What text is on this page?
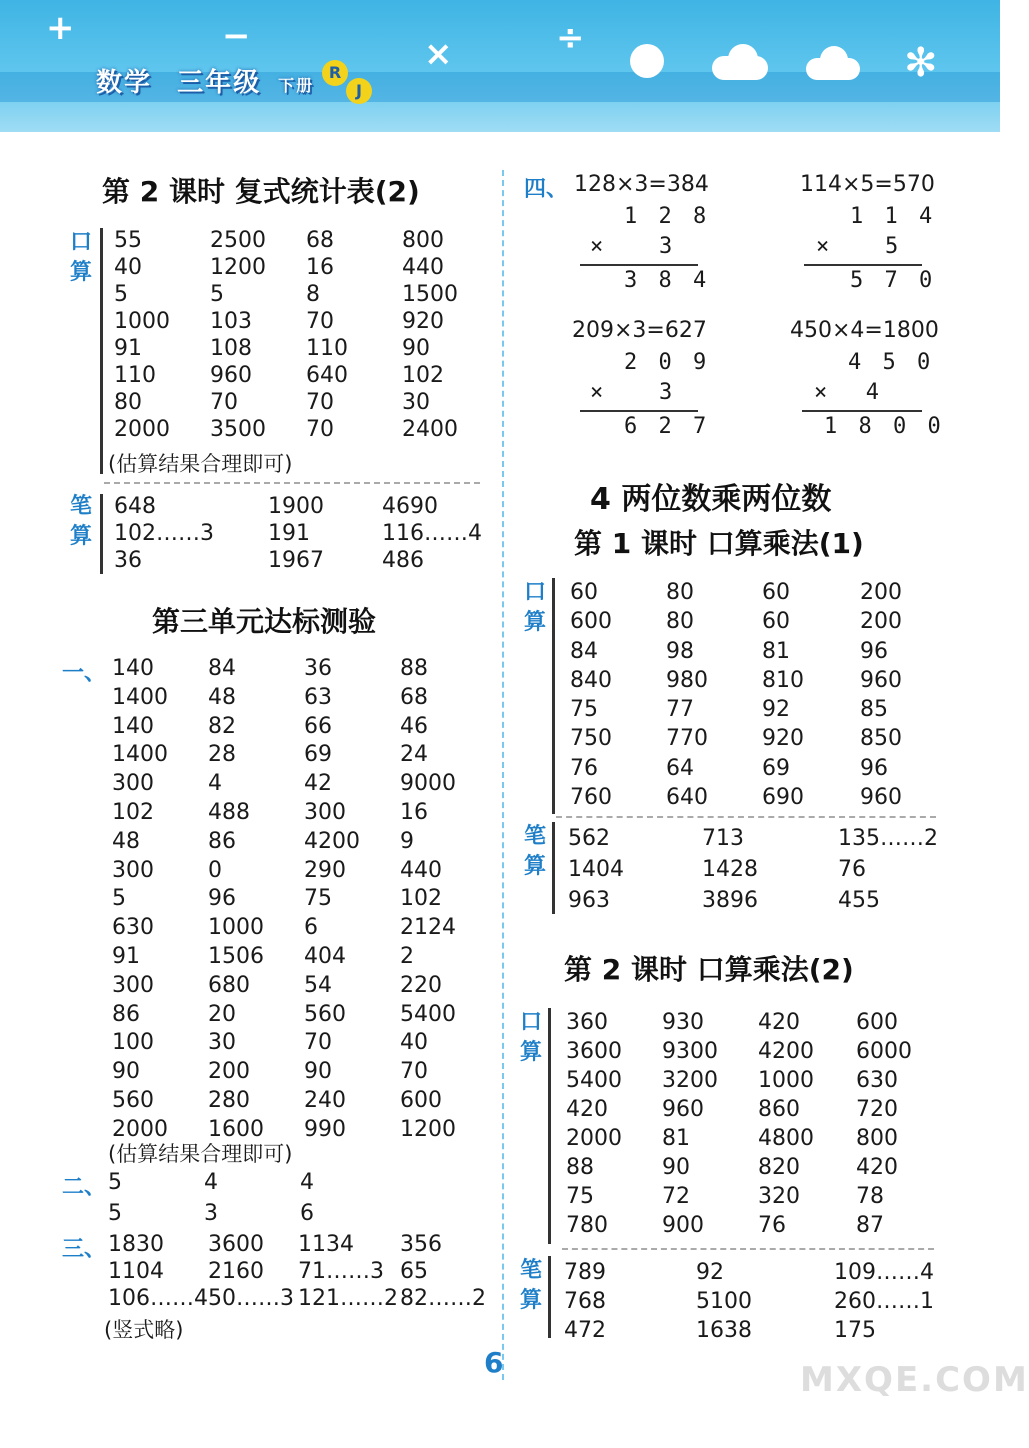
+	−	×	÷
数学 三年级 下册
R
J
✻
第 2 课时 复式统计表(2)
口
算
55	2500 68	800
40	1200 16	440
5	5	8	1500
1000 103 70	920
91	108 110 90
110 960 640 102
80	70	70	30
2000 3500 70	2400
(估算结果合理即可)
笔
算
648	1900	4690
102……3 191	116……4
36	1967	486
第三单元达标测验
一、 140 84	36	88
1400 48	63	68
140 82	66	46
1400 28	69	24
300 4	42	9000
102 488 300 16
48	86	4200 9
300 0	290 440
5	96	75	102
630 1000 6	2124
91	1506 404 2
300 680 54	220
86	20	560 5400
100 30	70	40
90	200 90	70
560 280 240 600
2000 1600 990 1200
(估算结果合理即可)
二、 5	4	4
5	3	6
三、 1830 3600 1134 356
1104 2160 71……3 65
106……4 50……3 121……2 82……2
(竖式略)
四、 128×3=384
1 2 8
×   3
3 8 4
114×5=570
1 1 4
×   5
5 7 0
209×3=627
2 0 9
×   3
6 2 7
450×4=1800
4 5 0
×  4
1 8 0 0
4 两位数乘两位数
第 1 课时 口算乘法(1)
口
算
60	80	60	200
600 80	60	200
84	98	81	96
840 980 810	960
75	77	92	85
750 770 920	850
76	64	69	96
760 640 690	960
笔
算
562	713	135……2
1404	1428	76
963	3896	455
第 2 课时 口算乘法(2)
口
算
360 930 420	600
3600 9300 4200 6000
5400 3200 1000 630
420 960 860	720
2000 81	4800 800
88	90	820	420
75	72	320	78
780 900 76	87
笔
算
789	92	109……4
768	5100	260……1
472	1638	175
6	MXQE.COM
